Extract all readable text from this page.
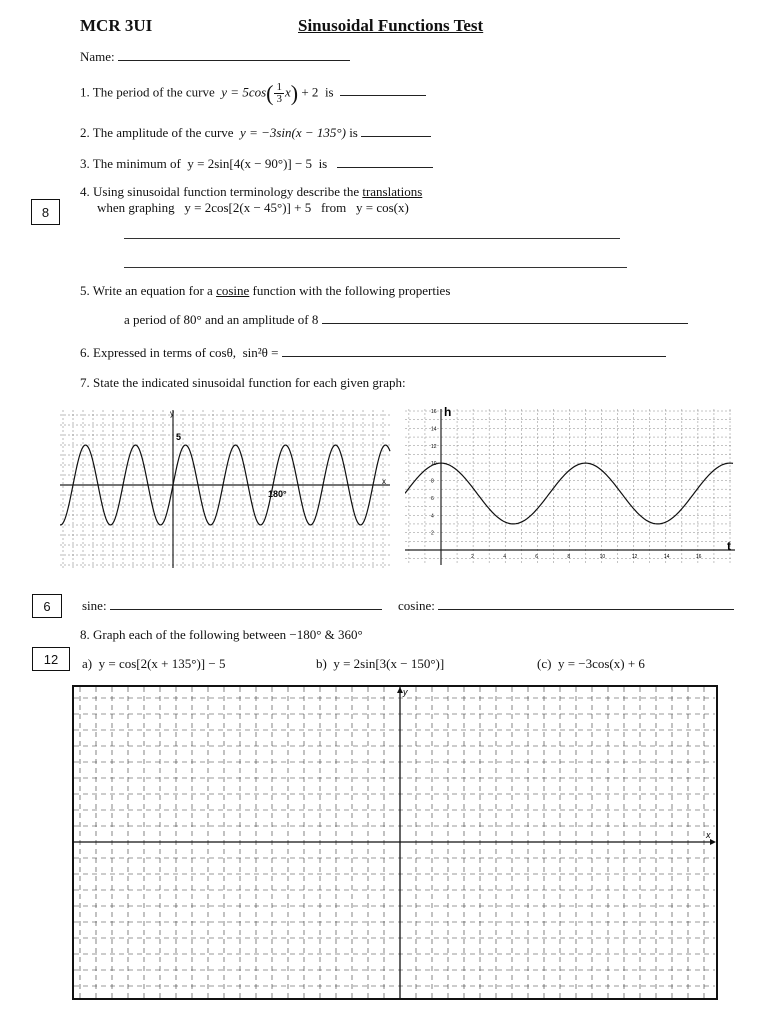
MCR 3UI	Sinusoidal Functions Test
Name:
1. The period of the curve $y = 5\cos( \frac{1}{3} x) + 2$ is
2. The amplitude of the curve y = −3sin(x − 135°) is
3. The minimum of y = 2sin[4(x − 90°)] − 5 is
4. Using sinusoidal function terminology describe the translations
when graphing y = 2cos[2(x − 45°)] + 5 from y = cos(x)
8
5. Write an equation for a cosine function with the following properties
a period of 80° and an amplitude of 8
6. Expressed in terms of cosθ, sin²θ =
7. State the indicated sinusoidal function for each given graph:
y
x
5
180°
h
t
2
4
6
8
10
12
14
16
2	4	6	8	10	12	14	16
6	sine:	cosine:
8. Graph each of the following between −180° & 360°
12	a) y = cos[2(x + 135°)] − 5	b) y = 2sin[3(x − 150°)]	(c) y = −3cos(x) + 6
y
x
